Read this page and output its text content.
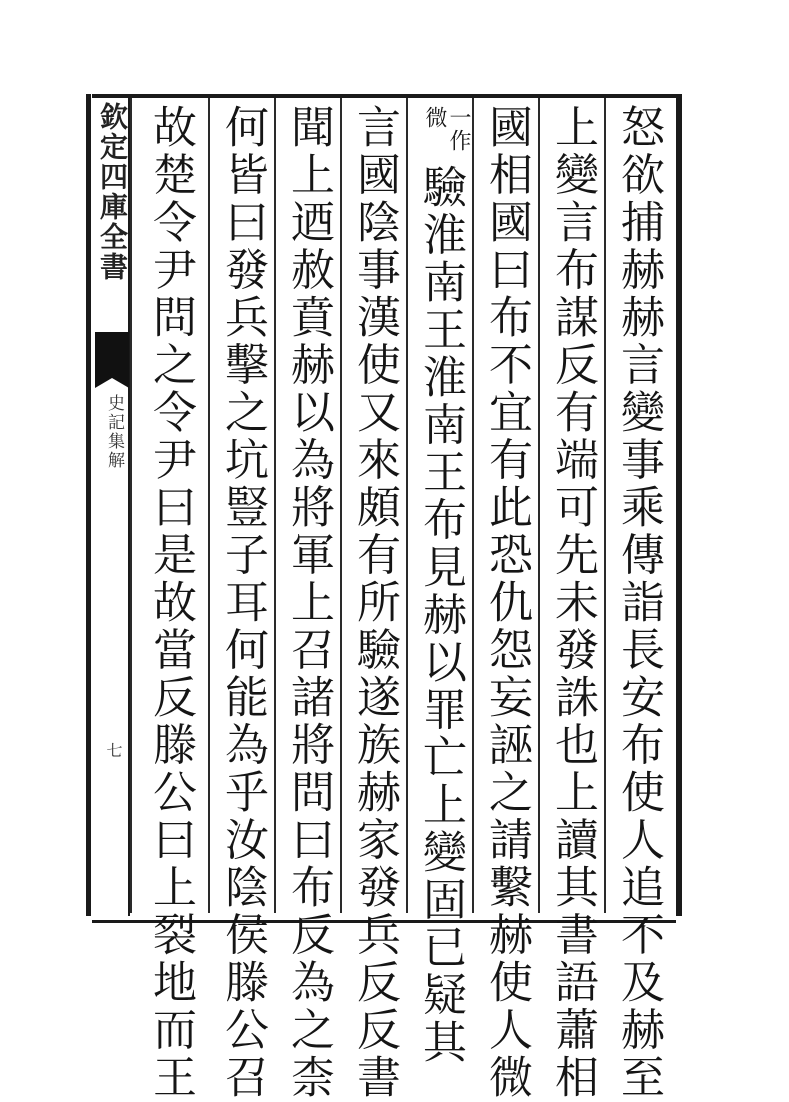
欽定四庫全書
史記集解
七	怒欲捕赫赫言變事乘傳詣長安布使人追不及赫至
上變言布謀反有端可先未發誅也上讀其書語蕭相
國相國曰布不宜有此恐仇怨妄誣之請繫赫使人微
一作
微
驗淮南王淮南王布見赫以罪亡上變固已疑其
言國陰事漢使又來頗有所驗遂族赫家發兵反反書
聞上迺赦賁赫以為將軍上召諸將問曰布反為之柰
何皆曰發兵擊之坑豎子耳何能為乎汝陰侯滕公召
故楚令尹問之令尹曰是故當反滕公曰上裂地而王
